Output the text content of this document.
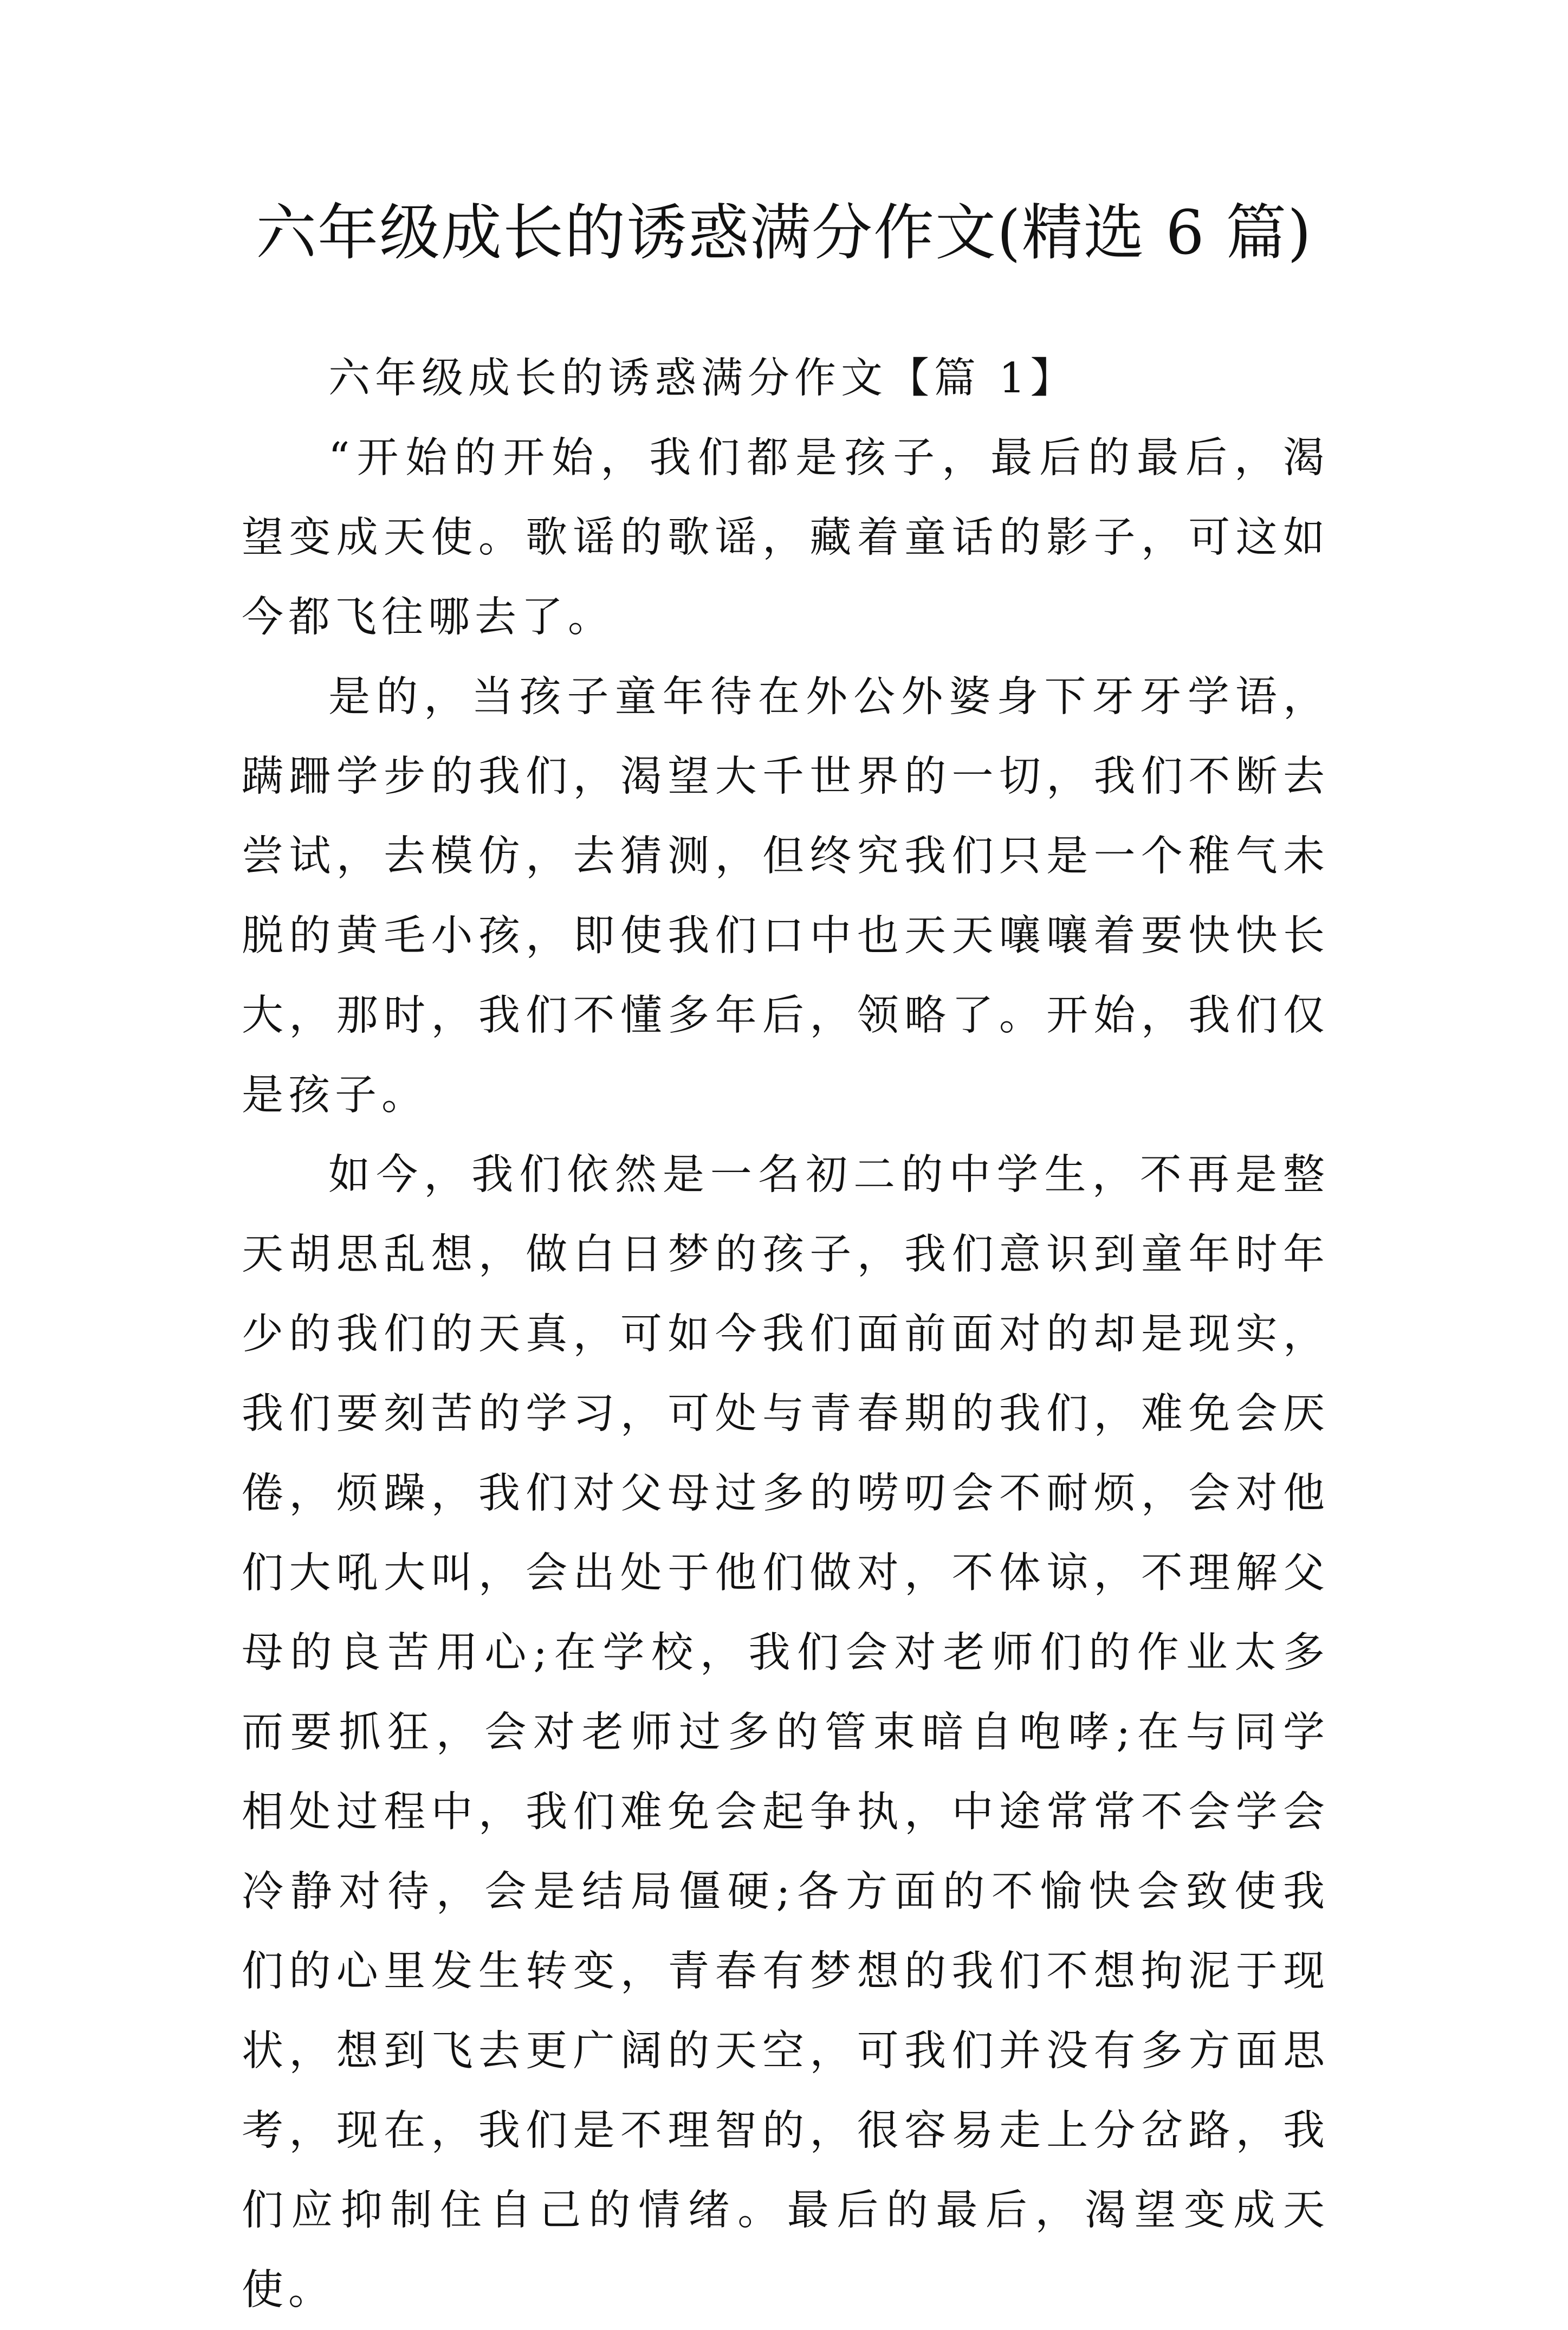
六年级成长的诱惑满分作文(精选 6 篇)

六年级成长的诱惑满分作文【篇 1】

“开始的开始，我们都是孩子，最后的最后，渴望变成天使。歌谣的歌谣，藏着童话的影子，可这如今都飞往哪去了。

是的，当孩子童年待在外公外婆身下牙牙学语，蹒跚学步的我们，渴望大千世界的一切，我们不断去尝试，去模仿，去猜测，但终究我们只是一个稚气未脱的黄毛小孩，即使我们口中也天天嚷嚷着要快快长大，那时，我们不懂多年后，领略了。开始，我们仅是孩子。

如今，我们依然是一名初二的中学生，不再是整天胡思乱想，做白日梦的孩子，我们意识到童年时年少的我们的天真，可如今我们面前面对的却是现实，我们要刻苦的学习，可处与青春期的我们，难免会厌倦，烦躁，我们对父母过多的唠叨会不耐烦，会对他们大吼大叫，会出处于他们做对，不体谅，不理解父母的良苦用心;在学校，我们会对老师们的作业太多而要抓狂，会对老师过多的管束暗自咆哮;在与同学相处过程中，我们难免会起争执，中途常常不会学会冷静对待，会是结局僵硬;各方面的不愉快会致使我们的心里发生转变，青春有梦想的我们不想拘泥于现状，想到飞去更广阔的天空，可我们并没有多方面思考，现在，我们是不理智的，很容易走上分岔路，我们应抑制住自己的情绪。最后的最后，渴望变成天使。
